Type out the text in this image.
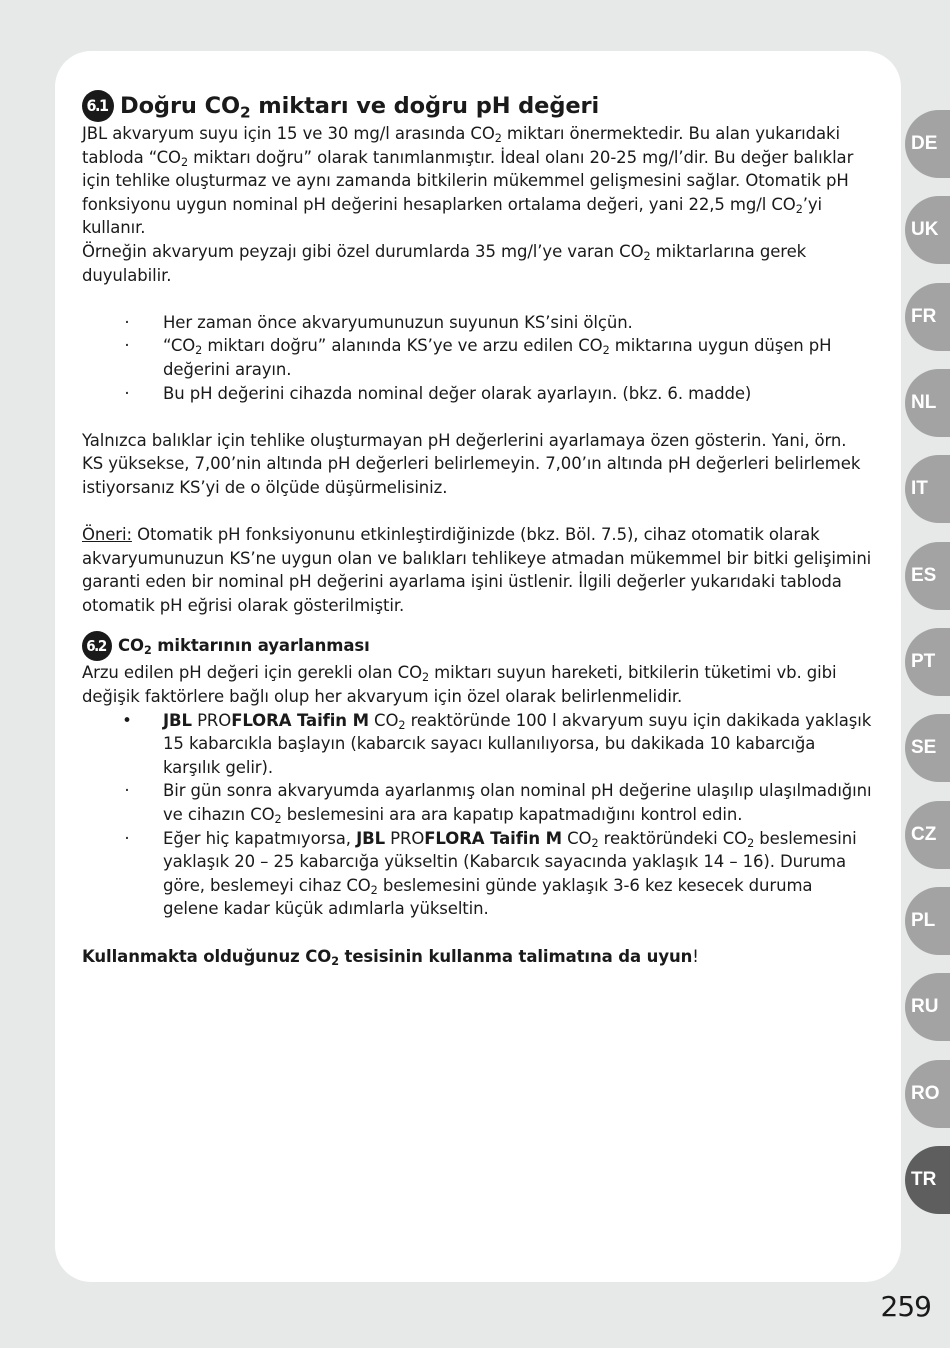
6.1 Doğru $CO_2$ miktarı ve doğru pH değeri

JBL akvaryum suyu için 15 ve 30 mg/l arasında $CO_2$ miktarı önermektedir. Bu alan yukarıdaki tabloda “$CO_2$ miktarı doğru” olarak tanımlanmıştır. İdeal olanı 20-25 mg/l’dir. Bu değer balıklar için tehlike oluşturmaz ve aynı zamanda bitkilerin mükemmel gelişmesini sağlar. Otomatik pH fonksiyonu uygun nominal pH değerini hesaplarken ortalama değeri, yani 22,5 mg/l $CO_2’yi$ kullanır.

Örneğin akvaryum peyzajı gibi özel durumlarda 35 mg/l’ye varan $CO_2$ miktarlarına gerek duyulabilir.

· Her zaman önce akvaryumunuzun suyunun KS’sini ölçün.
· “$CO_2$ miktarı doğru” alanında KS’ye ve arzu edilen $CO_2$ miktarına uygun düşen pH değerini arayın.
· Bu pH değerini cihazda nominal değer olarak ayarlayın. (bkz. 6. madde)

Yalnızca balıklar için tehlike oluşturmayan pH değerlerini ayarlamaya özen gösterin. Yani, örn. KS yüksekse, 7,00’nin altında pH değerleri belirlemeyin. 7,00’ın altında pH değerleri belirlemek istiyorsanız KS’yi de o ölçüde düşürmelisiniz.

Öneri: Otomatik pH fonksiyonunu etkinleştirdiğinizde (bkz. Böl. 7.5), cihaz otomatik olarak akvaryumunuzun KS’ne uygun olan ve balıkları tehlikeye atmadan mükemmel bir bitki gelişimini garanti eden bir nominal pH değerini ayarlama işini üstlenir. İlgili değerler yukarıdaki tabloda otomatik pH eğrisi olarak gösterilmiştir.

6.2 $CO_2$ miktarının ayarlanması

Arzu edilen pH değeri için gerekli olan $CO_2$ miktarı suyun hareketi, bitkilerin tüketimi vb. gibi değişik faktörlere bağlı olup her akvaryum için özel olarak belirlenmelidir.

• JBL PROFLORA Taifin M $CO_2$ reaktöründe 100 l akvaryum suyu için dakikada yaklaşık 15 kabarcıkla başlayın (kabarcık sayacı kullanılıyorsa, bu dakikada 10 kabarcığa karşılık gelir).
· Bir gün sonra akvaryumda ayarlanmış olan nominal pH değerine ulaşılıp ulaşılmadığını ve cihazın $CO_2$ beslemesini ara ara kapatıp kapatmadığını kontrol edin.
· Eğer hiç kapatmıyorsa, JBL PROFLORA Taifin M $CO_2$ reaktöründeki $CO_2$ beslemesini yaklaşık 20 – 25 kabarcığa yükseltin (Kabarcık sayacında yaklaşık 14 – 16). Duruma göre, beslemeyi cihaz $CO_2$ beslemesini günde yaklaşık 3-6 kez kesecek duruma gelene kadar küçük adımlarla yükseltin.

Kullanmakta olduğunuz $CO_2$ tesisinin kullanma talimatına da uyun!

DE
UK
FR
NL
IT
ES
PT
SE
CZ
PL
RU
RO
TR
259
